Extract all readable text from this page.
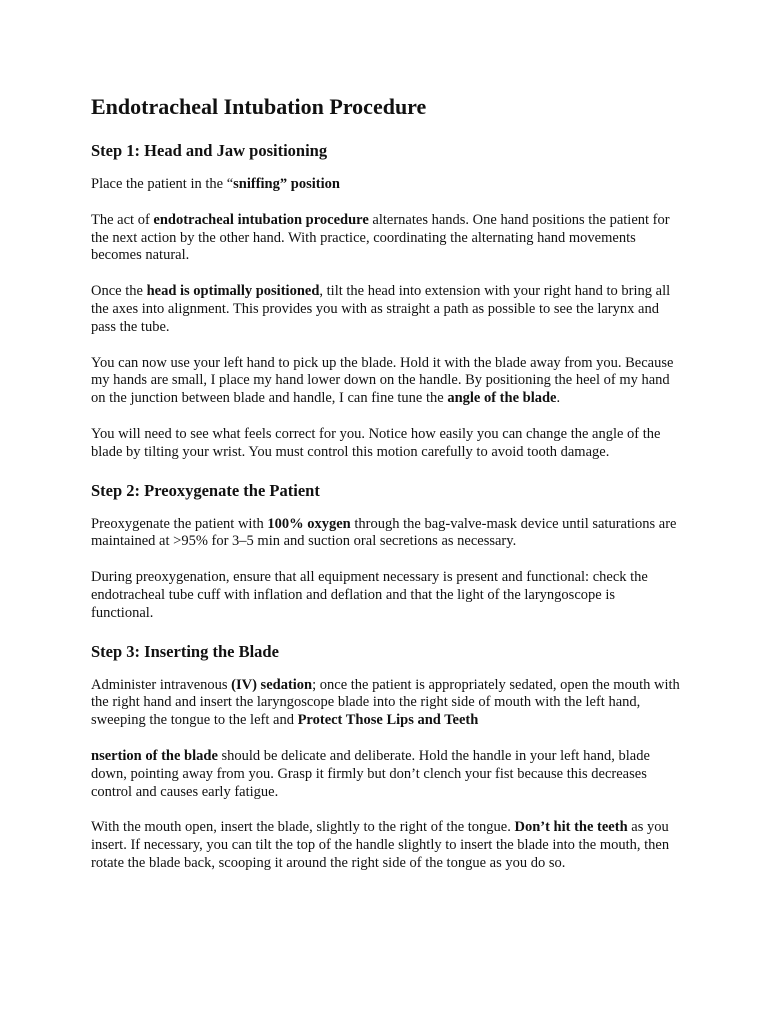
Endotracheal Intubation Procedure
Step 1: Head and Jaw positioning

Place the patient in the “sniffing” position

The act of endotracheal intubation procedure alternates hands. One hand positions the patient for the next action by the other hand. With practice, coordinating the alternating hand movements becomes natural.

Once the head is optimally positioned, tilt the head into extension with your right hand to bring all the axes into alignment. This provides you with as straight a path as possible to see the larynx and pass the tube.

You can now use your left hand to pick up the blade. Hold it with the blade away from you. Because my hands are small, I place my hand lower down on the handle. By positioning the heel of my hand on the junction between blade and handle, I can fine tune the angle of the blade.

You will need to see what feels correct for you. Notice how easily you can change the angle of the blade by tilting your wrist. You must control this motion carefully to avoid tooth damage.

Step 2: Preoxygenate the Patient

Preoxygenate the patient with 100% oxygen through the bag-valve-mask device until saturations are maintained at >95% for 3–5 min and suction oral secretions as necessary.

During preoxygenation, ensure that all equipment necessary is present and functional: check the endotracheal tube cuff with inflation and deflation and that the light of the laryngoscope is functional.

Step 3: Inserting the Blade

Administer intravenous (IV) sedation; once the patient is appropriately sedated, open the mouth with the right hand and insert the laryngoscope blade into the right side of mouth with the left hand, sweeping the tongue to the left and Protect Those Lips and Teeth

nsertion of the blade should be delicate and deliberate. Hold the handle in your left hand, blade down, pointing away from you. Grasp it firmly but don’t clench your fist because this decreases control and causes early fatigue.

With the mouth open, insert the blade, slightly to the right of the tongue. Don’t hit the teeth as you insert. If necessary, you can tilt the top of the handle slightly to insert the blade into the mouth, then rotate the blade back, scooping it around the right side of the tongue as you do so.
